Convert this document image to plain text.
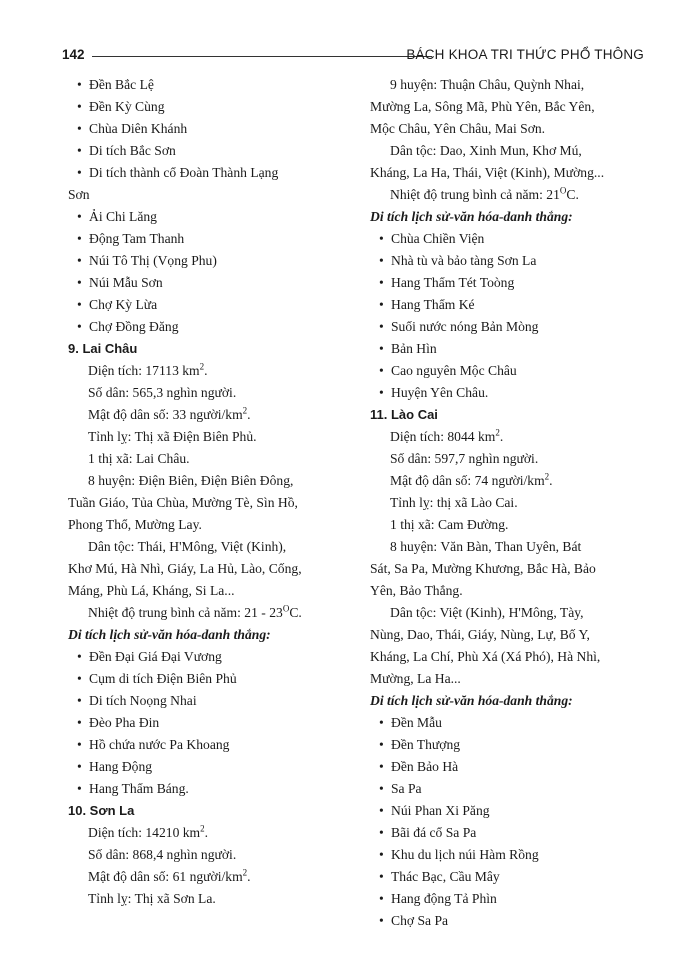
142	BÁCH KHOA TRI THỨC PHỔ THÔNG
• Đền Bắc Lệ
• Đền Kỳ Cùng
• Chùa Diên Khánh
• Di tích Bắc Sơn
• Di tích thành cổ Đoàn Thành Lạng
Sơn
• Ải Chi Lăng
• Động Tam Thanh
• Núi Tô Thị (Vọng Phu)
• Núi Mẫu Sơn
• Chợ Kỳ Lừa
• Chợ Đồng Đăng
9. Lai Châu
Diện tích: 17113 $km^2$.
Số dân: 565,3 nghìn người.
Mật độ dân số: 33 người/$km^2$.
Tỉnh lỵ: Thị xã Điện Biên Phủ.
1 thị xã: Lai Châu.
8 huyện: Điện Biên, Điện Biên Đông,
Tuần Giáo, Tủa Chùa, Mường Tè, Sìn Hồ,
Phong Thổ, Mường Lay.
Dân tộc: Thái, H'Mông, Việt (Kinh),
Khơ Mú, Hà Nhì, Giáy, La Hủ, Lào, Cống,
Máng, Phù Lá, Kháng, Si La...
Nhiệt độ trung bình cả năm: $21 - 23^OC$.
Di tích lịch sử-văn hóa-danh thắng:
• Đền Đại Giá Đại Vương
• Cụm di tích Điện Biên Phủ
• Di tích Noọng Nhai
• Đèo Pha Đin
• Hồ chứa nước Pa Khoang
• Hang Động
• Hang Thẩm Báng.
10. Sơn La
Diện tích: 14210 $km^2$.
Số dân: 868,4 nghìn người.
Mật độ dân số: 61 người/$km^2$.
Tỉnh lỵ: Thị xã Sơn La.
9 huyện: Thuận Châu, Quỳnh Nhai,
Mường La, Sông Mã, Phù Yên, Bắc Yên,
Mộc Châu, Yên Châu, Mai Sơn.
Dân tộc: Dao, Xinh Mun, Khơ Mú,
Kháng, La Ha, Thái, Việt (Kinh), Mường...
Nhiệt độ trung bình cả năm: $21^OC$.
Di tích lịch sử-văn hóa-danh thắng:
• Chùa Chiền Viện
• Nhà tù và bảo tàng Sơn La
• Hang Thẩm Tét Toòng
• Hang Thẩm Ké
• Suối nước nóng Bản Mòng
• Bản Hìn
• Cao nguyên Mộc Châu
• Huyện Yên Châu.
11. Lào Cai
Diện tích: 8044 $km^2$.
Số dân: 597,7 nghìn người.
Mật độ dân số: 74 người/$km^2$.
Tỉnh lỵ: thị xã Lào Cai.
1 thị xã: Cam Đường.
8 huyện: Văn Bàn, Than Uyên, Bát
Sát, Sa Pa, Mường Khương, Bắc Hà, Bảo
Yên, Bảo Thắng.
Dân tộc: Việt (Kinh), H'Mông, Tày,
Nùng, Dao, Thái, Giáy, Nùng, Lự, Bố Y,
Kháng, La Chí, Phù Xá (Xá Phó), Hà Nhì,
Mường, La Ha...
Di tích lịch sử-văn hóa-danh thắng:
• Đền Mẫu
• Đền Thượng
• Đền Bảo Hà
• Sa Pa
• Núi Phan Xi Păng
• Bãi đá cổ Sa Pa
• Khu du lịch núi Hàm Rồng
• Thác Bạc, Cầu Mây
• Hang động Tả Phìn
• Chợ Sa Pa
